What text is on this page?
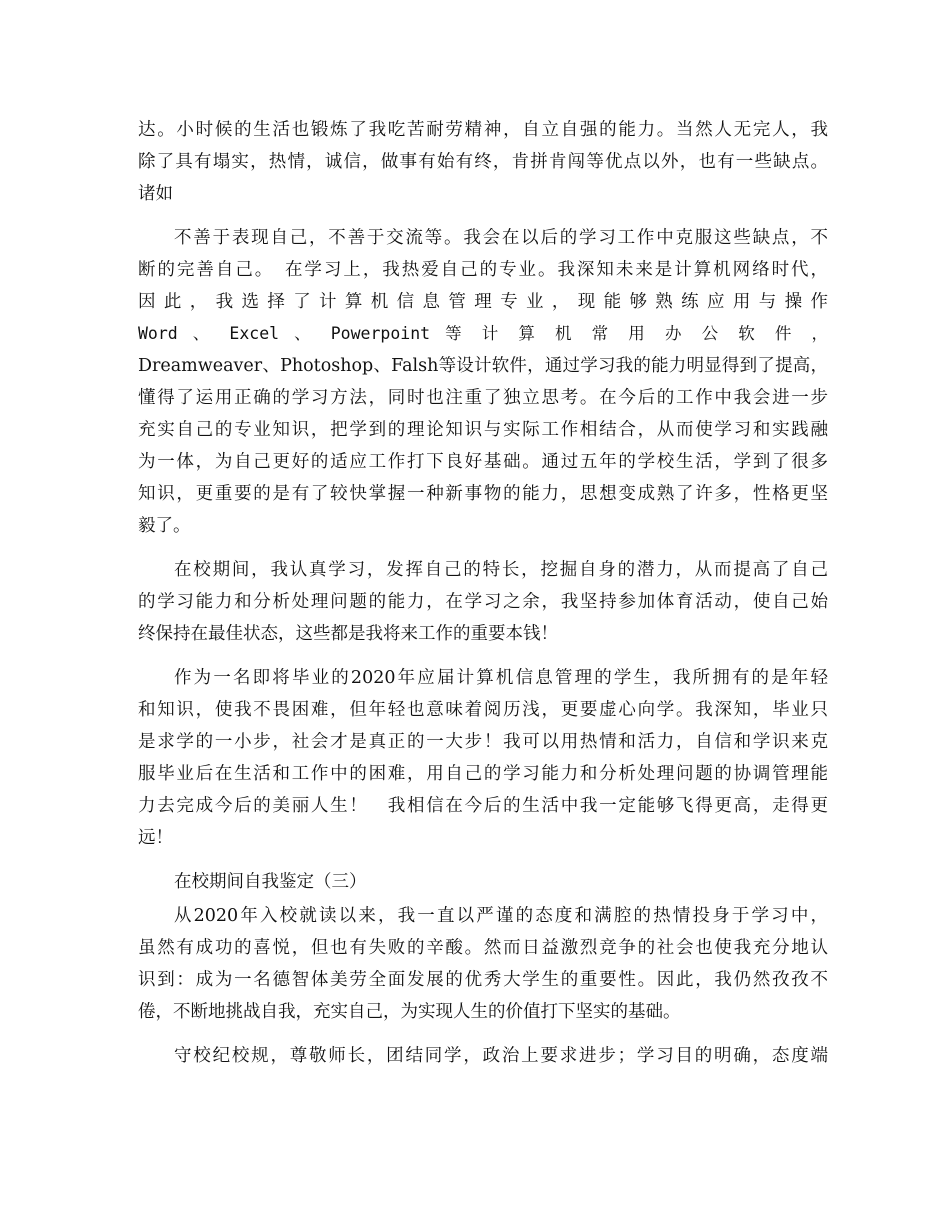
达。小时候的生活也锻炼了我吃苦耐劳精神，自立自强的能力。当然人无完人，我
除了具有塌实，热情，诚信，做事有始有终，肯拼肯闯等优点以外，也有一些缺点。
诸如
不善于表现自己，不善于交流等。我会在以后的学习工作中克服这些缺点，不
断的完善自己。　在学习上，我热爱自己的专业。我深知未来是计算机网络时代，
因此，我选择了计算机信息管理专业，现能够熟练应用与操作
Word 、 Excel 、 Powerpoint 等 计 算 机 常 用 办 公 软 件 ，
Dreamweaver、Photoshop、Falsh等设计软件，通过学习我的能力明显得到了提高，
懂得了运用正确的学习方法，同时也注重了独立思考。在今后的工作中我会进一步
充实自己的专业知识，把学到的理论知识与实际工作相结合，从而使学习和实践融
为一体，为自己更好的适应工作打下良好基础。通过五年的学校生活，学到了很多
知识，更重要的是有了较快掌握一种新事物的能力，思想变成熟了许多，性格更坚
毅了。
在校期间，我认真学习，发挥自己的特长，挖掘自身的潜力，从而提高了自己
的学习能力和分析处理问题的能力，在学习之余，我坚持参加体育活动，使自己始
终保持在最佳状态，这些都是我将来工作的重要本钱！
作为一名即将毕业的2020年应届计算机信息管理的学生，我所拥有的是年轻
和知识，使我不畏困难，但年轻也意味着阅历浅，更要虚心向学。我深知，毕业只
是求学的一小步，社会才是真正的一大步！我可以用热情和活力，自信和学识来克
服毕业后在生活和工作中的困难，用自己的学习能力和分析处理问题的协调管理能
力去完成今后的美丽人生！　我相信在今后的生活中我一定能够飞得更高，走得更
远！
在校期间自我鉴定（三）
从2020年入校就读以来，我一直以严谨的态度和满腔的热情投身于学习中，
虽然有成功的喜悦，但也有失败的辛酸。然而日益激烈竞争的社会也使我充分地认
识到：成为一名德智体美劳全面发展的优秀大学生的重要性。因此，我仍然孜孜不
倦，不断地挑战自我，充实自己，为实现人生的价值打下坚实的基础。
守校纪校规，尊敬师长，团结同学，政治上要求进步；学习目的明确，态度端
